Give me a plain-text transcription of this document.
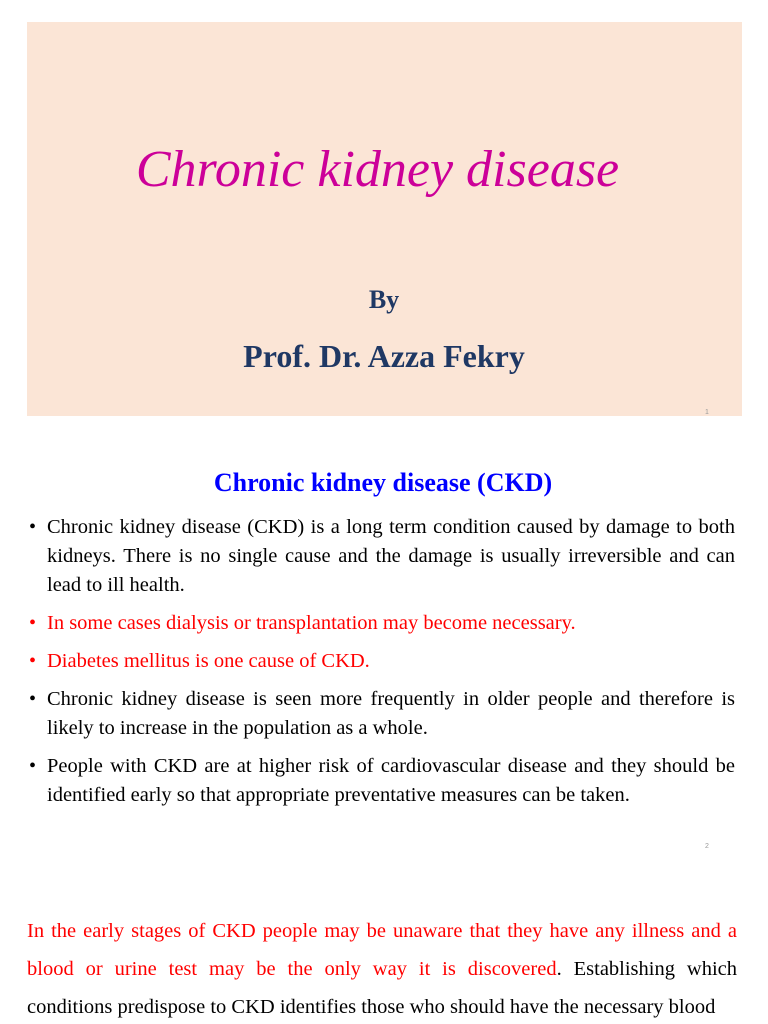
Chronic kidney disease
By
Prof. Dr. Azza Fekry
1
Chronic kidney disease (CKD)
• Chronic kidney disease (CKD) is a long term condition caused by damage to both kidneys. There is no single cause and the damage is usually irreversible and can lead to ill health.
• In some cases dialysis or transplantation may become necessary.
• Diabetes mellitus is one cause of CKD.
• Chronic kidney disease is seen more frequently in older people and therefore is likely to increase in the population as a whole.
• People with CKD are at higher risk of cardiovascular disease and they should be identified early so that appropriate preventative measures can be taken.
2
In the early stages of CKD people may be unaware that they have any illness and a blood or urine test may be the only way it is discovered. Establishing which conditions predispose to CKD identifies those who should have the necessary blood
